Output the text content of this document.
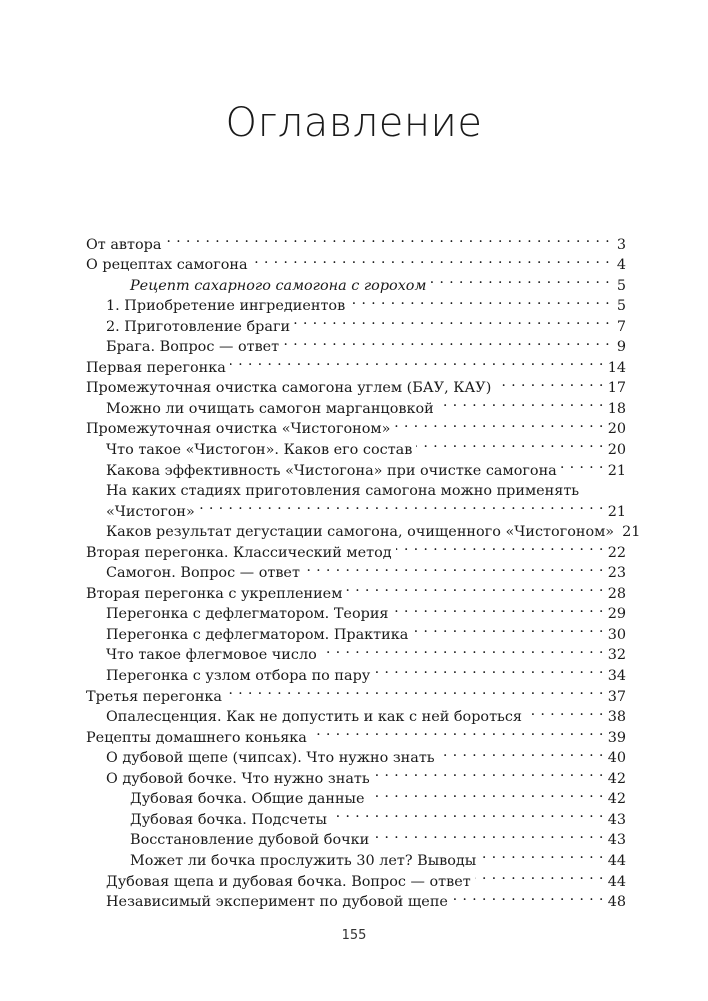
Оглавление
От автора . . .	3
О рецептах самогона . . .	4
Рецепт сахарного самогона с горохом . . .	5
1. Приобретение ингредиентов . . .	5
2. Приготовление браги . . .	7
Брага. Вопрос — ответ . . .	9
Первая перегонка . . .	14
Промежуточная очистка самогона углем (БАУ, КАУ) . . .	17
Можно ли очищать самогон марганцовкой . . .	18
Промежуточная очистка «Чистогоном» . . .	20
Что такое «Чистогон». Каков его состав . . .	20
Какова эффективность «Чистогона» при очистке самогона . . .	21
На каких стадиях приготовления самогона можно применять
«Чистогон» . . .	21
Каков результат дегустации самогона, очищенного «Чистогоном» 21
Вторая перегонка. Классический метод . . .	22
Самогон. Вопрос — ответ . . .	23
Вторая перегонка с укреплением . . .	28
Перегонка с дефлегматором. Теория . . .	29
Перегонка с дефлегматором. Практика . . .	30
Что такое флегмовое число . . .	32
Перегонка с узлом отбора по пару . . .	34
Третья перегонка . . .	37
Опалесценция. Как не допустить и как с ней бороться . . .	38
Рецепты домашнего коньяка . . .	39
О дубовой щепе (чипсах). Что нужно знать . . .	40
О дубовой бочке. Что нужно знать . . .	42
Дубовая бочка. Общие данные . . .	42
Дубовая бочка. Подсчеты . . .	43
Восстановление дубовой бочки . . .	43
Может ли бочка прослужить 30 лет? Выводы . . .	44
Дубовая щепа и дубовая бочка. Вопрос — ответ . . .	44
Независимый эксперимент по дубовой щепе . . .	48
155
